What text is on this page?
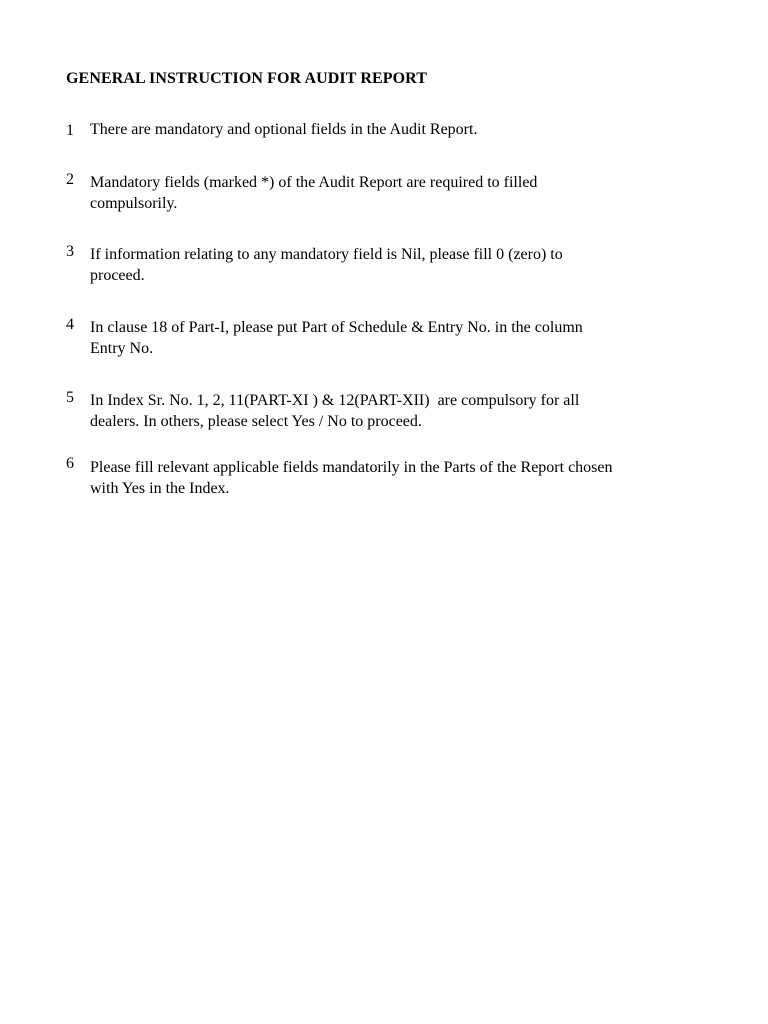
GENERAL INSTRUCTION FOR AUDIT REPORT
1 There are mandatory and optional fields in the Audit Report.
2 Mandatory fields (marked *) of the Audit Report are required to filled
compulsorily.
3 If information relating to any mandatory field is Nil, please fill 0 (zero) to
proceed.
4 In clause 18 of Part-I, please put Part of Schedule & Entry No. in the column
Entry No.
5 In Index Sr. No. 1, 2, 11(PART-XI ) & 12(PART-XII)  are compulsory for all
dealers. In others, please select Yes / No to proceed.
6 Please fill relevant applicable fields mandatorily in the Parts of the Report chosen
with Yes in the Index.
